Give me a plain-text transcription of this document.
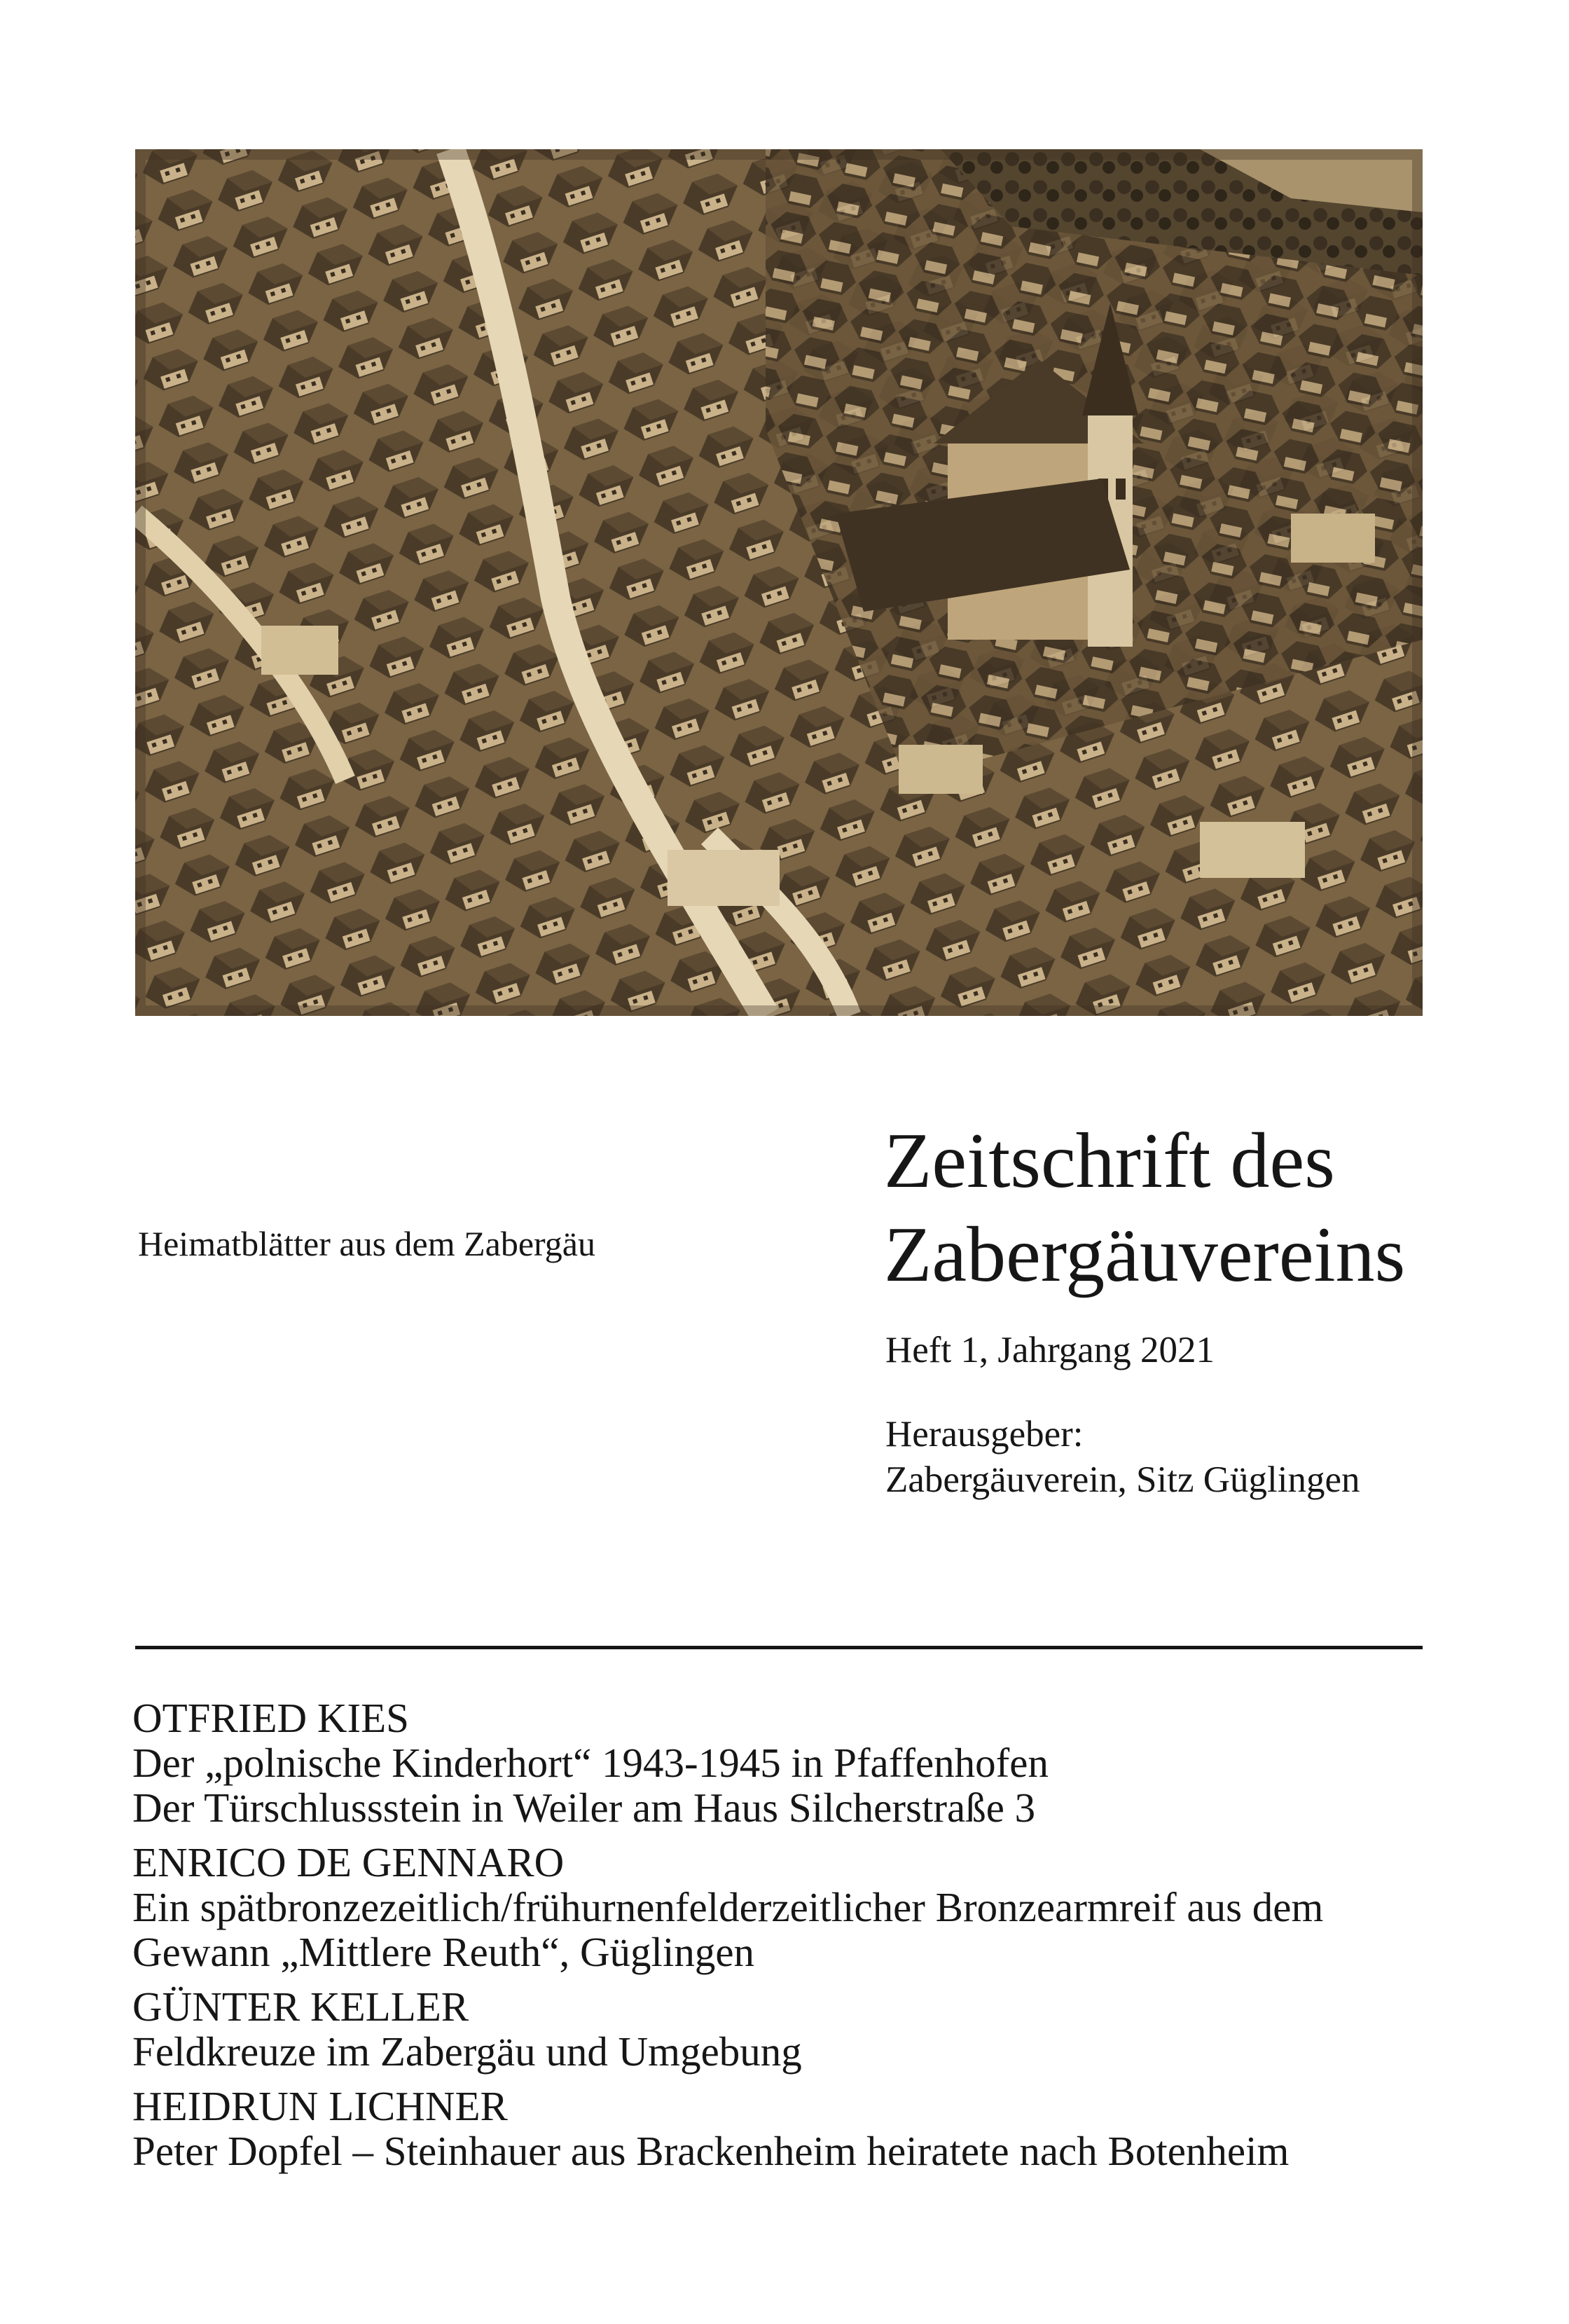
Heimatblätter aus dem Zabergäu
Zeitschrift des
Zabergäuvereins
Heft 1, Jahrgang 2021
Herausgeber:
Zabergäuverein, Sitz Güglingen
OTFRIED KIES
Der „polnische Kinderhort“ 1943-1945 in Pfaffenhofen
Der Türschlussstein in Weiler am Haus Silcherstraße 3
ENRICO DE GENNARO
Ein spätbronzezeitlich/frühurnenfelderzeitlicher Bronzearmreif aus dem Gewann „Mittlere Reuth“, Güglingen
GÜNTER KELLER
Feldkreuze im Zabergäu und Umgebung
HEIDRUN LICHNER
Peter Dopfel – Steinhauer aus Brackenheim heiratete nach Botenheim
